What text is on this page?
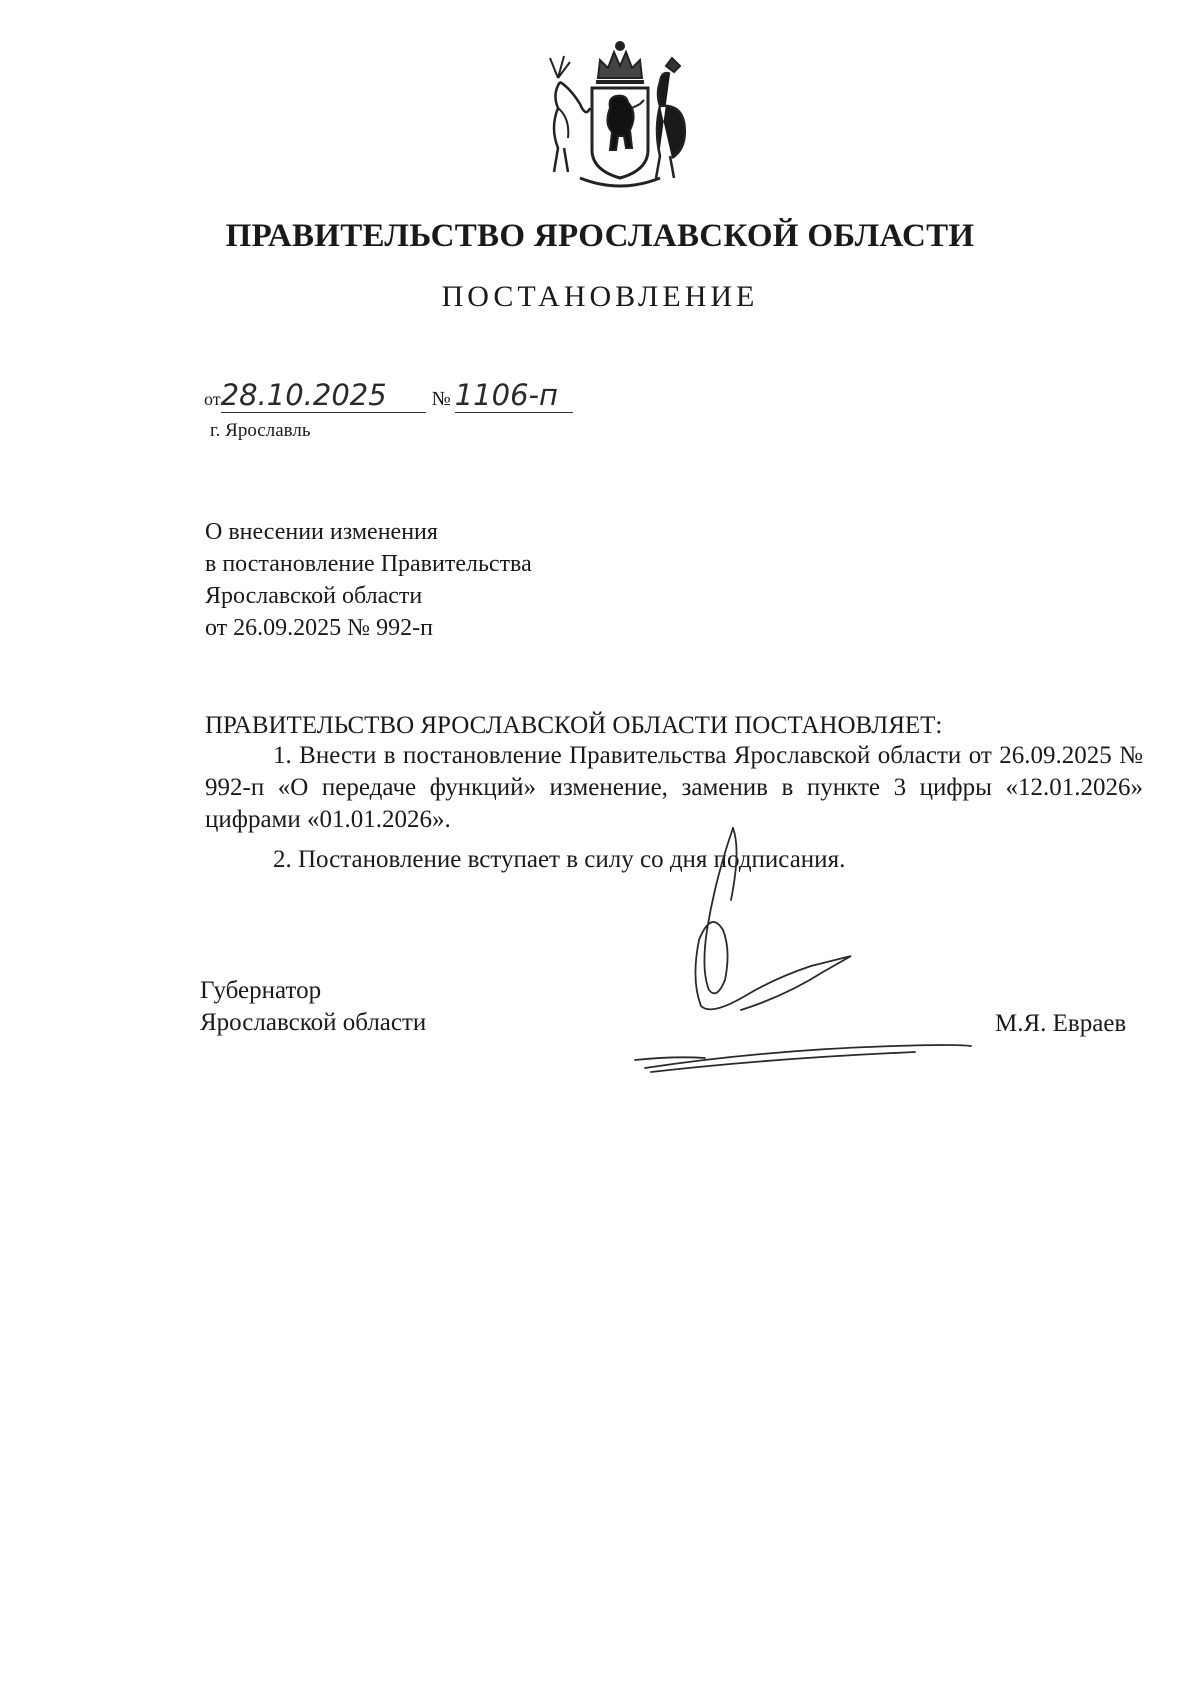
ПРАВИТЕЛЬСТВО ЯРОСЛАВСКОЙ ОБЛАСТИ
ПОСТАНОВЛЕНИЕ
от28.10.2025 № 1106-п
г. Ярославль
О внесении изменения
в постановление Правительства
Ярославской области
от 26.09.2025 № 992-п
ПРАВИТЕЛЬСТВО ЯРОСЛАВСКОЙ ОБЛАСТИ ПОСТАНОВЛЯЕТ:
1. Внести в постановление Правительства Ярославской области от 26.09.2025 № 992-п «О передаче функций» изменение, заменив в пункте 3 цифры «12.01.2026» цифрами «01.01.2026».
2. Постановление вступает в силу со дня подписания.
Губернатор
Ярославской области	М.Я. Евраев
